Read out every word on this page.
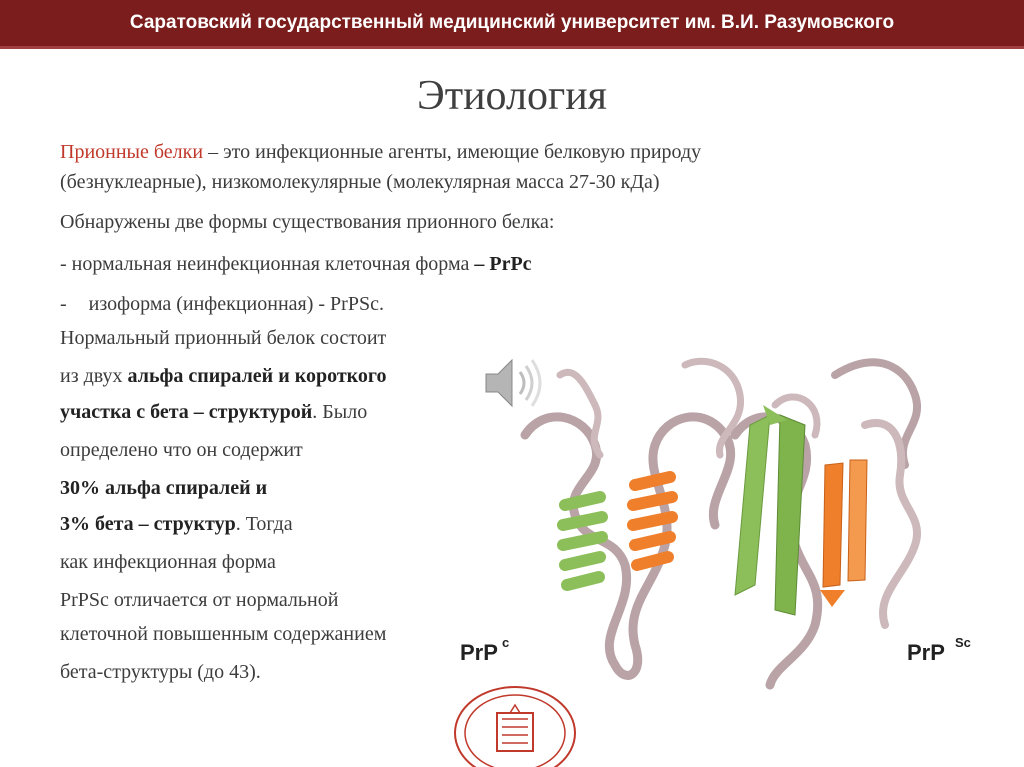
Саратовский государственный медицинский университет им. В.И. Разумовского
Этиология
Прионные белки – это инфекционные агенты, имеющие белковую природу
(безнуклеарные), низкомолекулярные (молекулярная масса 27-30 кДа)
Обнаружены две формы существования прионного белка:
- нормальная неинфекционная клеточная форма – PrPc
- изоформа (инфекционная) - PrPSc.
Нормальный прионный белок состоит
из двух альфа спиралей и короткого
участка с бета – структурой. Было
определено что он содержит
30% альфа спиралей и
3% бета – структур. Тогда
как инфекционная форма
PrPSc отличается от нормальной
клеточной повышенным содержанием
бета-структуры (до 43).
PrP c	PrP Sc
